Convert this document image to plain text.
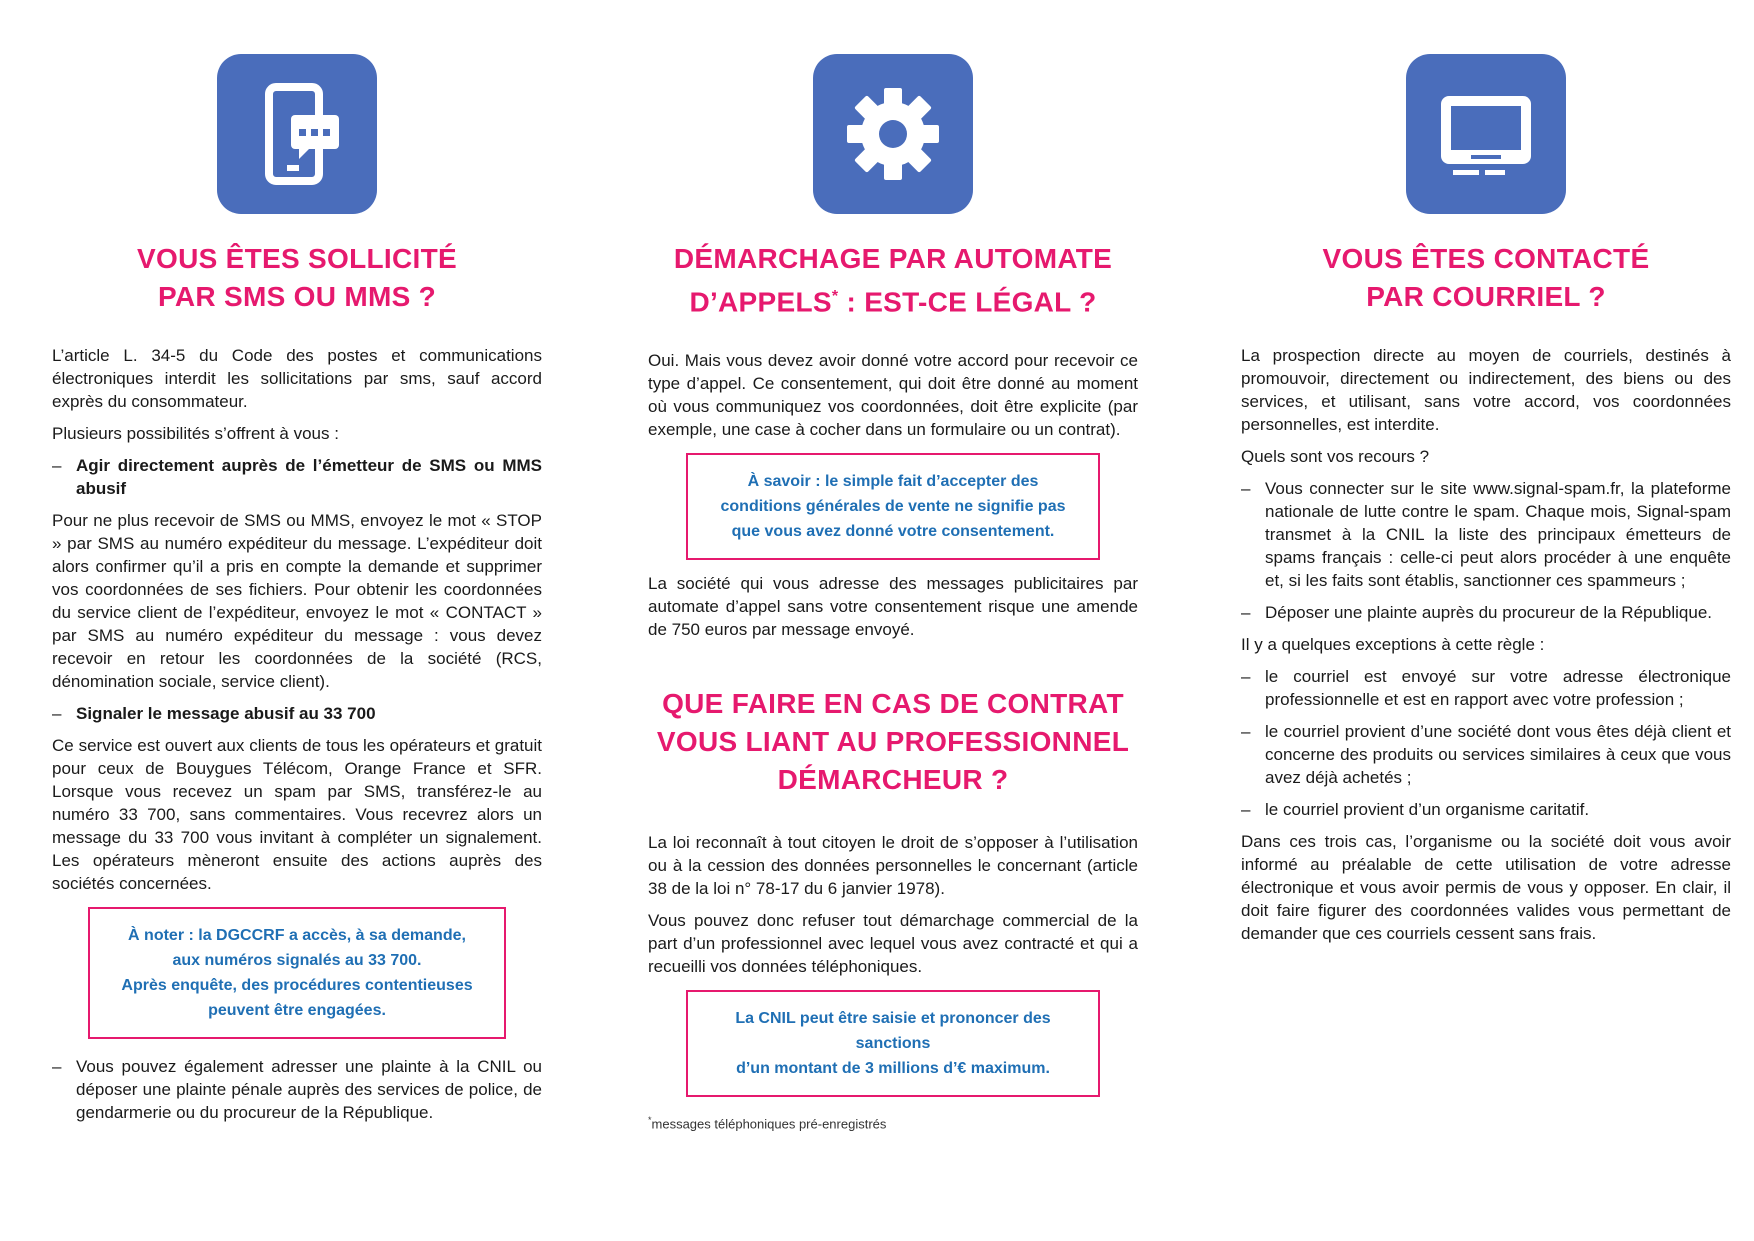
VOUS ÊTES SOLLICITÉ
PAR SMS OU MMS ?

L’article L. 34-5 du Code des postes et communications électroniques interdit les sollicitations par sms, sauf accord exprès du consommateur.

Plusieurs possibilités s’offrent à vous :

– Agir directement auprès de l’émetteur de SMS ou MMS abusif

Pour ne plus recevoir de SMS ou MMS, envoyez le mot « STOP » par SMS au numéro expéditeur du message. L’expéditeur doit alors confirmer qu’il a pris en compte la demande et supprimer vos coordonnées de ses fichiers. Pour obtenir les coordonnées du service client de l’expéditeur, envoyez le mot « CONTACT » par SMS au numéro expéditeur du message : vous devez recevoir en retour les coordonnées de la société (RCS, dénomination sociale, service client).

– Signaler le message abusif au 33 700

Ce service est ouvert aux clients de tous les opérateurs et gratuit pour ceux de Bouygues Télécom, Orange France et SFR. Lorsque vous recevez un spam par SMS, transférez-le au numéro 33 700, sans commentaires. Vous recevrez alors un message du 33 700 vous invitant à compléter un signalement. Les opérateurs mèneront ensuite des actions auprès des sociétés concernées.

À noter : la DGCCRF a accès, à sa demande,
aux numéros signalés au 33 700.
Après enquête, des procédures contentieuses
peuvent être engagées.
– Vous pouvez également adresser une plainte à la CNIL ou déposer une plainte pénale auprès des services de police, de gendarmerie ou du procureur de la République.
DÉMARCHAGE PAR AUTOMATE
D’APPELS* : EST-CE LÉGAL ?

Oui. Mais vous devez avoir donné votre accord pour recevoir ce type d’appel. Ce consentement, qui doit être donné au moment où vous communiquez vos coordonnées, doit être explicite (par exemple, une case à cocher dans un formulaire ou un contrat).

À savoir : le simple fait d’accepter des
conditions générales de vente ne signifie pas
que vous avez donné votre consentement.

La société qui vous adresse des messages publicitaires par automate d’appel sans votre consentement risque une amende de 750 euros par message envoyé.

QUE FAIRE EN CAS DE CONTRAT
VOUS LIANT AU PROFESSIONNEL
DÉMARCHEUR ?

La loi reconnaît à tout citoyen le droit de s’opposer à l’utilisation ou à la cession des données personnelles le concernant (article 38 de la loi n° 78-17 du 6 janvier 1978).

Vous pouvez donc refuser tout démarchage commercial de la part d’un professionnel avec lequel vous avez contracté et qui a recueilli vos données téléphoniques.

La CNIL peut être saisie et prononcer des sanctions
d’un montant de 3 millions d’€ maximum.
*messages téléphoniques pré-enregistrés
VOUS ÊTES CONTACTÉ
PAR COURRIEL ?

La prospection directe au moyen de courriels, destinés à promouvoir, directement ou indirectement, des biens ou des services, et utilisant, sans votre accord, vos coordonnées personnelles, est interdite.

Quels sont vos recours ?

– Vous connecter sur le site www.signal-spam.fr, la plateforme nationale de lutte contre le spam. Chaque mois, Signal-spam transmet à la CNIL la liste des principaux émetteurs de spams français : celle-ci peut alors procéder à une enquête et, si les faits sont établis, sanctionner ces spammeurs ;
– Déposer une plainte auprès du procureur de la République.

Il y a quelques exceptions à cette règle :

– le courriel est envoyé sur votre adresse électronique professionnelle et est en rapport avec votre profession ;
– le courriel provient d’une société dont vous êtes déjà client et concerne des produits ou services similaires à ceux que vous avez déjà achetés ;
– le courriel provient d’un organisme caritatif.

Dans ces trois cas, l’organisme ou la société doit vous avoir informé au préalable de cette utilisation de votre adresse électronique et vous avoir permis de vous y opposer. En clair, il doit faire figurer des coordonnées valides vous permettant de demander que ces courriels cessent sans frais.
